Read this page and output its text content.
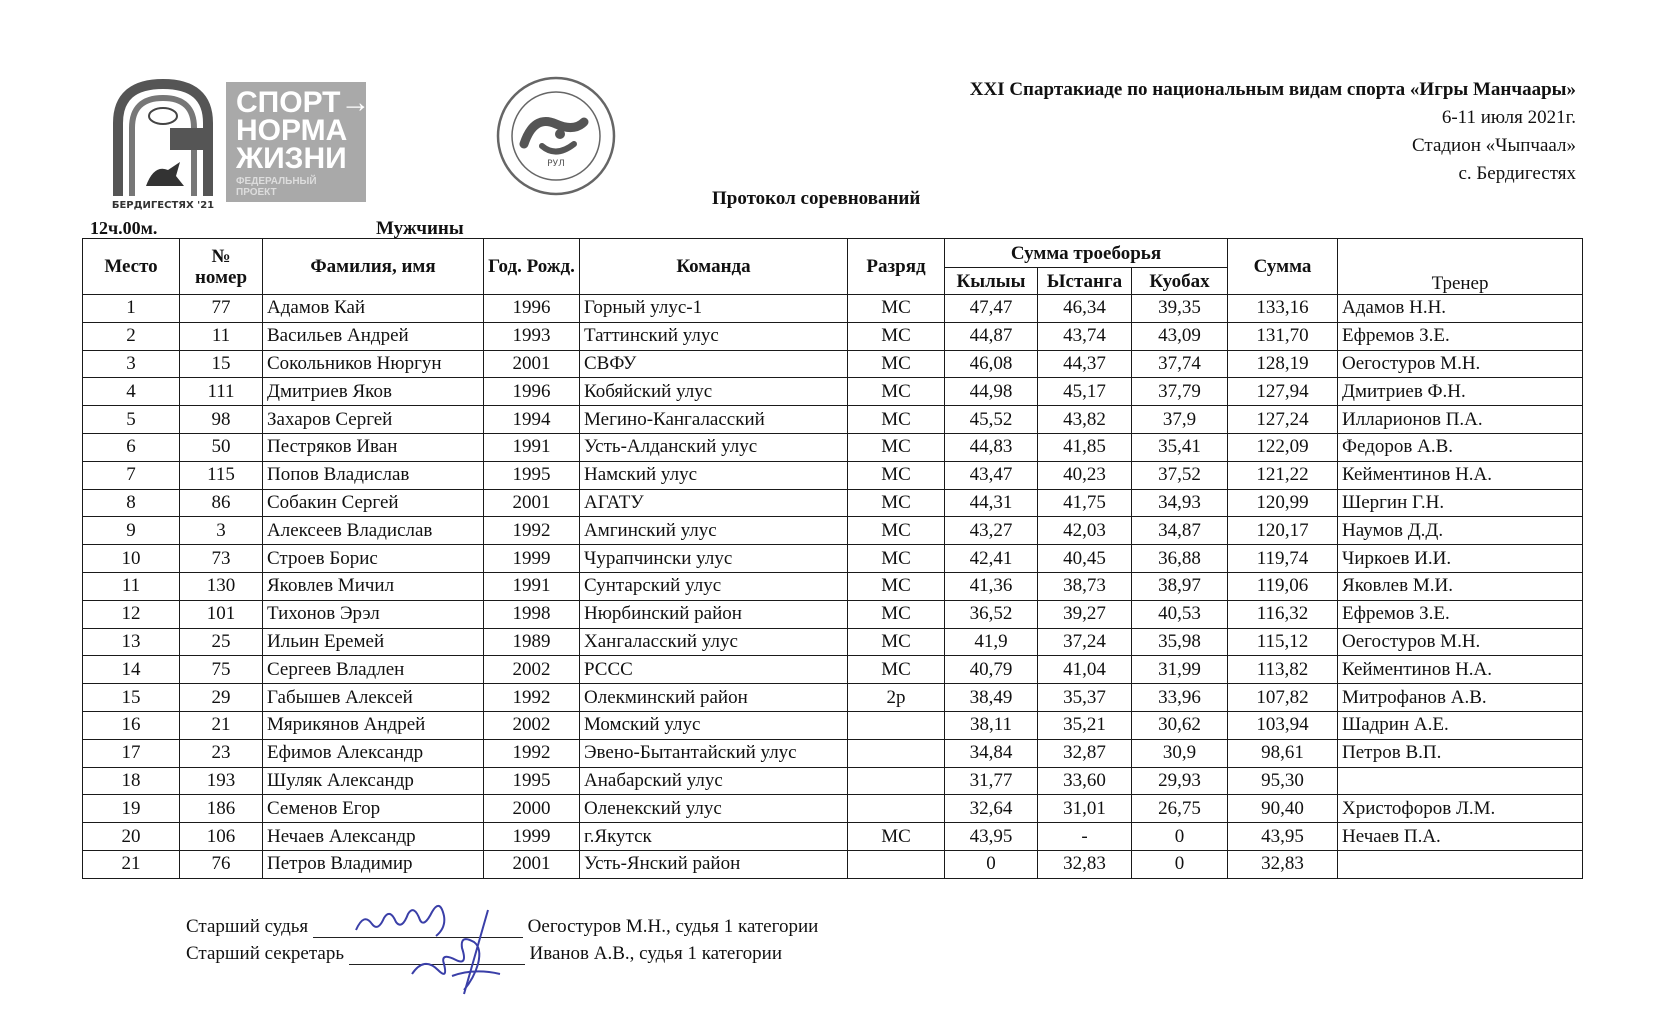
БЕРДИГЕСТЯХ '21
СПОРТ→
НОРМА
ЖИЗНИ
ФЕДЕРАЛЬНЫЙ
ПРОЕКТ
РУЛ
XXI Спартакиаде по национальным видам спорта «Игры Манчаары»
6-11 июля 2021г.
Стадион «Чыпчаал»
с. Бердигестях
Протокол соревнований
12ч.00м.	Мужчины
Место	№ номер	Фамилия, имя	Год. Рожд.	Команда	Разряд	Сумма троеборья			Сумма	Тренер
						Кылыы	Ыстанга	Куобах		
1	77	Адамов Кай	1996	Горный улус-1	МС	47,47	46,34	39,35	133,16	Адамов Н.Н.
2	11	Васильев Андрей	1993	Таттинский улус	МС	44,87	43,74	43,09	131,70	Ефремов З.Е.
3	15	Сокольников Нюргун	2001	СВФУ	МС	46,08	44,37	37,74	128,19	Оегостуров М.Н.
4	111	Дмитриев Яков	1996	Кобяйский улус	МС	44,98	45,17	37,79	127,94	Дмитриев Ф.Н.
5	98	Захаров Сергей	1994	Мегино-Кангаласский	МС	45,52	43,82	37,9	127,24	Илларионов П.А.
6	50	Пестряков Иван	1991	Усть-Алданский улус	МС	44,83	41,85	35,41	122,09	Федоров А.В.
7	115	Попов Владислав	1995	Намский улус	МС	43,47	40,23	37,52	121,22	Кейментинов Н.А.
8	86	Собакин Сергей	2001	АГАТУ	МС	44,31	41,75	34,93	120,99	Шергин Г.Н.
9	3	Алексеев Владислав	1992	Амгинский улус	МС	43,27	42,03	34,87	120,17	Наумов Д.Д.
10	73	Строев Борис	1999	Чурапчински улус	МС	42,41	40,45	36,88	119,74	Чиркоев И.И.
11	130	Яковлев Мичил	1991	Сунтарский улус	МС	41,36	38,73	38,97	119,06	Яковлев М.И.
12	101	Тихонов Эрэл	1998	Нюрбинский район	МС	36,52	39,27	40,53	116,32	Ефремов З.Е.
13	25	Ильин Еремей	1989	Хангаласский улус	МС	41,9	37,24	35,98	115,12	Оегостуров М.Н.
14	75	Сергеев Владлен	2002	РССС	МС	40,79	41,04	31,99	113,82	Кейментинов Н.А.
15	29	Габышев Алексей	1992	Олекминский район	2р	38,49	35,37	33,96	107,82	Митрофанов А.В.
16	21	Мярикянов Андрей	2002	Момский улус		38,11	35,21	30,62	103,94	Шадрин А.Е.
17	23	Ефимов Александр	1992	Эвено-Бытантайский улус		34,84	32,87	30,9	98,61	Петров В.П.
18	193	Шуляк Александр	1995	Анабарский улус		31,77	33,60	29,93	95,30	
19	186	Семенов Егор	2000	Оленекский улус		32,64	31,01	26,75	90,40	Христофоров Л.М.
20	106	Нечаев Александр	1999	г.Якутск	МС	43,95	-	0	43,95	Нечаев П.А.
21	76	Петров Владимир	2001	Усть-Янский район		0	32,83	0	32,83	
Старший судья	Оегостуров М.Н., судья 1 категории
Старший секретарь	Иванов А.В., судья 1 категории
